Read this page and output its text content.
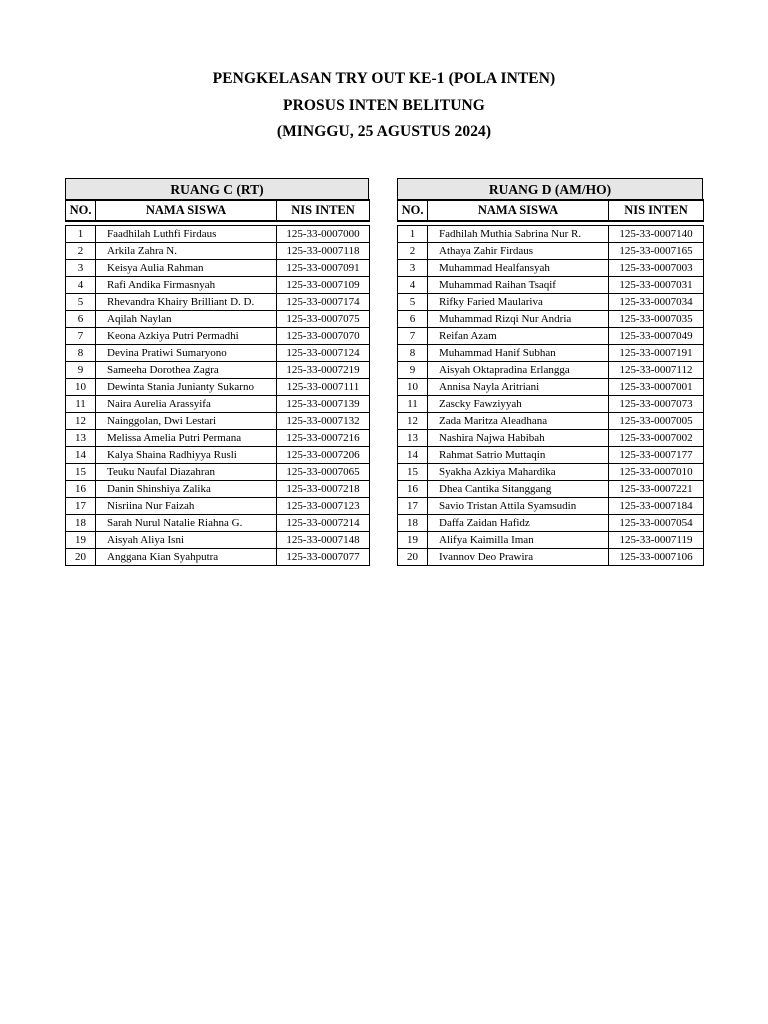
PENGKELASAN TRY OUT KE-1 (POLA INTEN)
PROSUS INTEN BELITUNG
(MINGGU, 25 AGUSTUS 2024)
RUANG C (RT)
NO.	NAMA SISWA	NIS INTEN
1	Faadhilah Luthfi Firdaus	125-33-0007000
2	Arkila Zahra N.	125-33-0007118
3	Keisya Aulia Rahman	125-33-0007091
4	Rafi Andika Firmasnyah	125-33-0007109
5	Rhevandra Khairy Brilliant D. D.	125-33-0007174
6	Aqilah Naylan	125-33-0007075
7	Keona Azkiya Putri Permadhi	125-33-0007070
8	Devina Pratiwi Sumaryono	125-33-0007124
9	Sameeha Dorothea Zagra	125-33-0007219
10	Dewinta Stania Junianty Sukarno	125-33-0007111
11	Naira Aurelia Arassyifa	125-33-0007139
12	Nainggolan, Dwi Lestari	125-33-0007132
13	Melissa Amelia Putri Permana	125-33-0007216
14	Kalya Shaina Radhiyya Rusli	125-33-0007206
15	Teuku Naufal Diazahran	125-33-0007065
16	Danin Shinshiya Zalika	125-33-0007218
17	Nisriina Nur Faizah	125-33-0007123
18	Sarah Nurul Natalie Riahna G.	125-33-0007214
19	Aisyah Aliya Isni	125-33-0007148
20	Anggana Kian Syahputra	125-33-0007077
RUANG D (AM/HO)
NO.	NAMA SISWA	NIS INTEN
1	Fadhilah Muthia Sabrina Nur R.	125-33-0007140
2	Athaya Zahir Firdaus	125-33-0007165
3	Muhammad Healfansyah	125-33-0007003
4	Muhammad Raihan Tsaqif	125-33-0007031
5	Rifky Faried Maulariva	125-33-0007034
6	Muhammad Rizqi Nur Andria	125-33-0007035
7	Reifan Azam	125-33-0007049
8	Muhammad Hanif Subhan	125-33-0007191
9	Aisyah Oktapradina Erlangga	125-33-0007112
10	Annisa Nayla Aritriani	125-33-0007001
11	Zascky Fawziyyah	125-33-0007073
12	Zada Maritza Aleadhana	125-33-0007005
13	Nashira Najwa Habibah	125-33-0007002
14	Rahmat Satrio Muttaqin	125-33-0007177
15	Syakha Azkiya Mahardika	125-33-0007010
16	Dhea Cantika Sitanggang	125-33-0007221
17	Savio Tristan Attila Syamsudin	125-33-0007184
18	Daffa Zaidan Hafidz	125-33-0007054
19	Alifya Kaimilla Iman	125-33-0007119
20	Ivannov Deo Prawira	125-33-0007106
